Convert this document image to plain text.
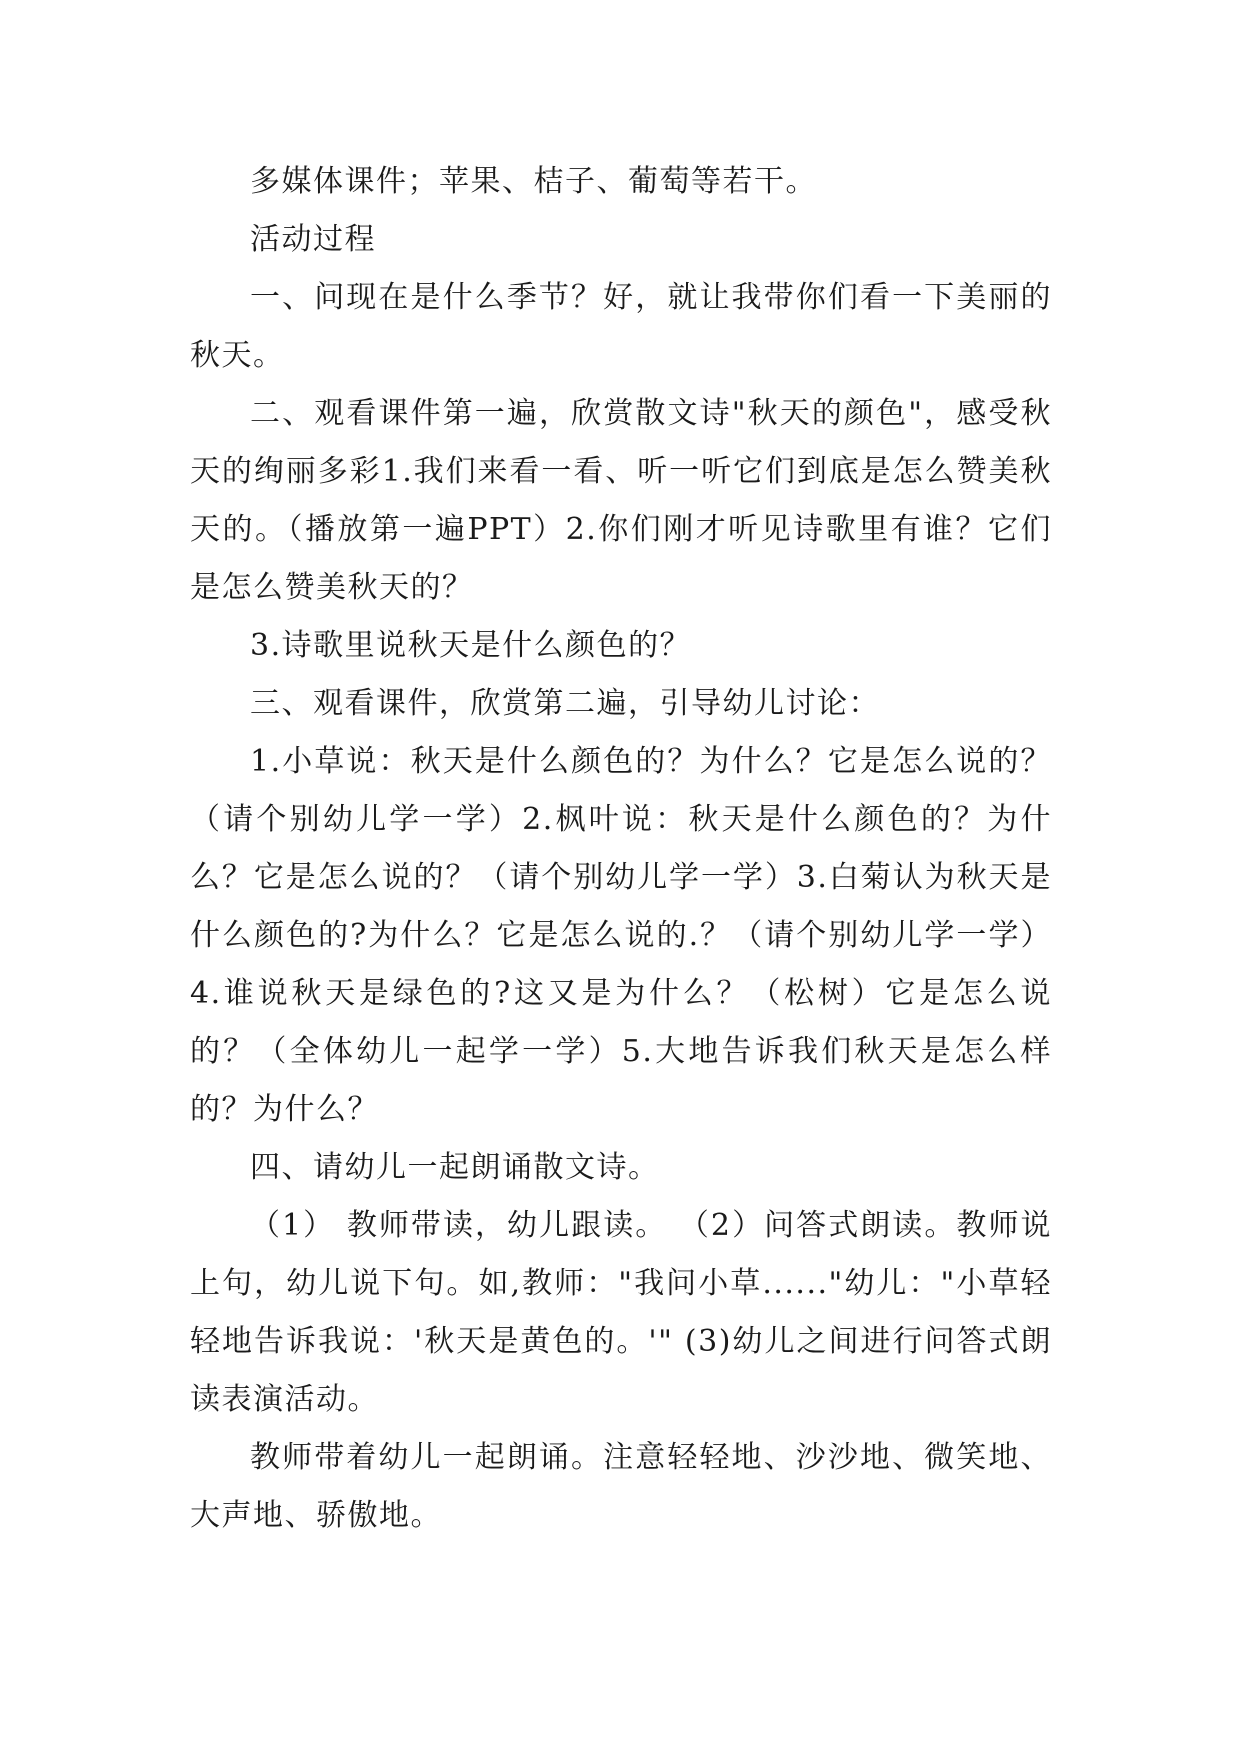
多媒体课件；苹果、桔子、葡萄等若干。

活动过程

一、问现在是什么季节？好，就让我带你们看一下美丽的秋天。

二、观看课件第一遍，欣赏散文诗"秋天的颜色"，感受秋天的绚丽多彩1.我们来看一看、听一听它们到底是怎么赞美秋天的。（播放第一遍PPT）2.你们刚才听见诗歌里有谁？它们是怎么赞美秋天的？

3.诗歌里说秋天是什么颜色的？

三、观看课件，欣赏第二遍，引导幼儿讨论：

1.小草说：秋天是什么颜色的？为什么？它是怎么说的？（请个别幼儿学一学）2.枫叶说：秋天是什么颜色的？为什么？它是怎么说的？（请个别幼儿学一学）3.白菊认为秋天是什么颜色的?为什么？它是怎么说的.？（请个别幼儿学一学）4.谁说秋天是绿色的?这又是为什么？（松树）它是怎么说的？（全体幼儿一起学一学）5.大地告诉我们秋天是怎么样的？为什么？

四、请幼儿一起朗诵散文诗。

（1） 教师带读，幼儿跟读。 （2）问答式朗读。教师说上句，幼儿说下句。如,教师："我问小草......"幼儿："小草轻轻地告诉我说：'秋天是黄色的。'" (3)幼儿之间进行问答式朗读表演活动。

教师带着幼儿一起朗诵。注意轻轻地、沙沙地、微笑地、大声地、骄傲地。
